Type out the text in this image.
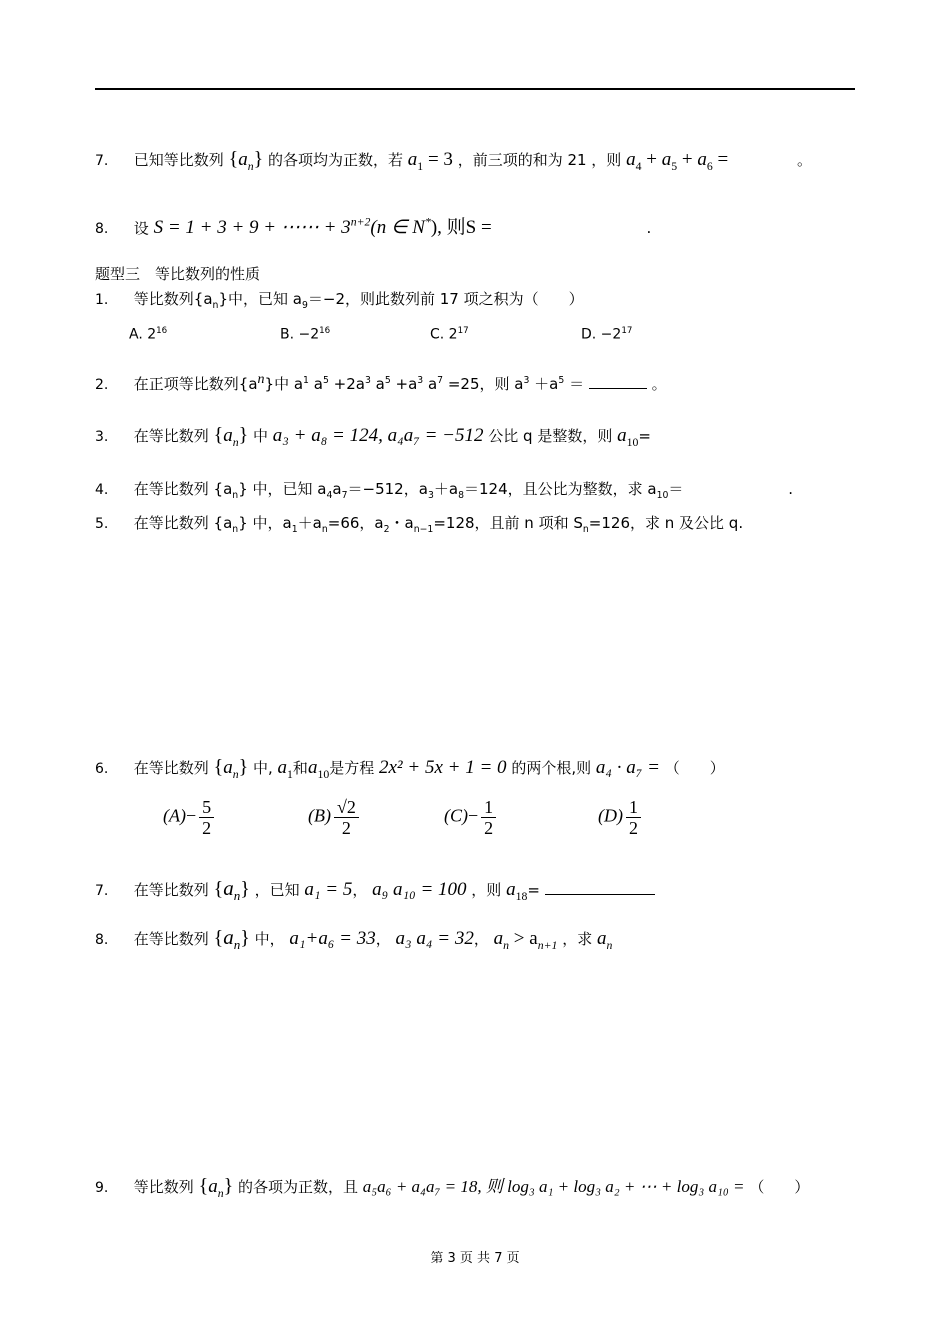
7. 已知等比数列 $\{a_n\}$ 的各项均为正数，若 $a_1 = 3$ ，前三项的和为 21 ，则 $a_4 + a_5 + a_6$ =	。
8. 设 S = 1 + 3 + 9 + ⋯⋯ + $3^{n+2}(n$ ∈ N*), 则S =	.
题型三　等比数列的性质
1. 等比数列$\{a_n\}$中，已知 $a_9=-2$，则此数列前 17 项之积为（　　）
A. $2^{16}$	B. $-2^{16}$	C. $2^{17}$	D. $-2^{17}$
2. 在正项等比数列$\{a^n\}$中 $a^1$ $a^5 +2a^3$ $a^5 +a^3$ $a^7 =25$，则 $a^3 +a^5$ ＝	。
3. 在等比数列 $\{a_n\}$ 中 a₃ + a₈ = 124, a₄a₇ = −512 公比 q 是整数，则 $a_{10}=$
4. 在等比数列 $\{a_n\}$ 中，已知 $a_4a_7=-512$，$a_3+a_8=124$，且公比为整数，求 $a_{10}=$	.
5. 在等比数列 $\{a_n\}$ 中，$a_1+a_n=66$，$a_2$・$a_{n-1}=128$，且前 n 项和 $S_n=126$，求 n 及公比 q.
6. 在等比数列 $\{a_n\}$ 中, $a_1$和$a_{10}$是方程 2x² + 5x + 1 = 0 的两个根,则 a₄ · a₇ = （　　）
$(A)- \frac{5}{2}$	$(B) \frac{√2}{2}$	$(C)- \frac{1}{2}$	$(D) \frac{1}{2}$
7. 在等比数列 $\{a_n\}$ ，已知 a₁ = 5， a₉ a₁₀ = 100 ，则 $a_{18}=$
8. 在等比数列 $\{a_n\}$ 中， a₁+a₆ = 33， a₃ a₄ = 32， $a_n > a_{n+1}$ ，求 $a_n$
9. 等比数列 $\{a_n\}$ 的各项为正数，且 a₅a₆ + a₄a₇ = 18, 则 log₃ a₁ + log₃ a₂ + ⋯ + log₃ a₁₀ = （　　）
第 3 页 共 7 页
